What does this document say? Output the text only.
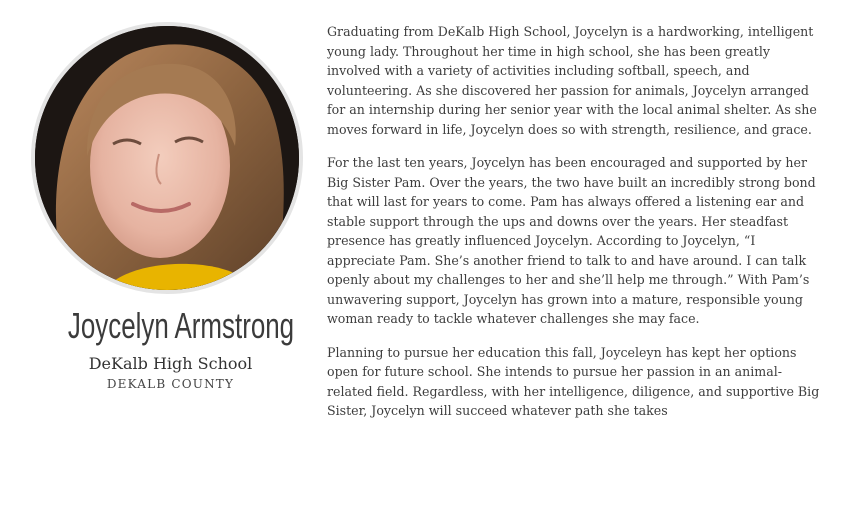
Joycelyn Armstrong
DeKalb High School
DEKALB COUNTY

Graduating from DeKalb High School, Joycelyn is a hardworking, intelligent young lady. Throughout her time in high school, she has been greatly involved with a variety of activities including softball, speech, and volunteering. As she discovered her passion for animals, Joycelyn arranged for an internship during her senior year with the local animal shelter. As she moves forward in life, Joycelyn does so with strength, resilience, and grace.

For the last ten years, Joycelyn has been encouraged and supported by her Big Sister Pam. Over the years, the two have built an incredibly strong bond that will last for years to come. Pam has always offered a listening ear and stable support through the ups and downs over the years. Her steadfast presence has greatly influenced Joycelyn. According to Joycelyn, “I appreciate Pam. She’s another friend to talk to and have around. I can talk openly about my challenges to her and she’ll help me through.” With Pam’s unwavering support, Joycelyn has grown into a mature, responsible young woman ready to tackle whatever challenges she may face.

Planning to pursue her education this fall, Joyceleyn has kept her options open for future school. She intends to pursue her passion in an animal-related field. Regardless, with her intelligence, diligence, and supportive Big Sister, Joycelyn will succeed whatever path she takes
